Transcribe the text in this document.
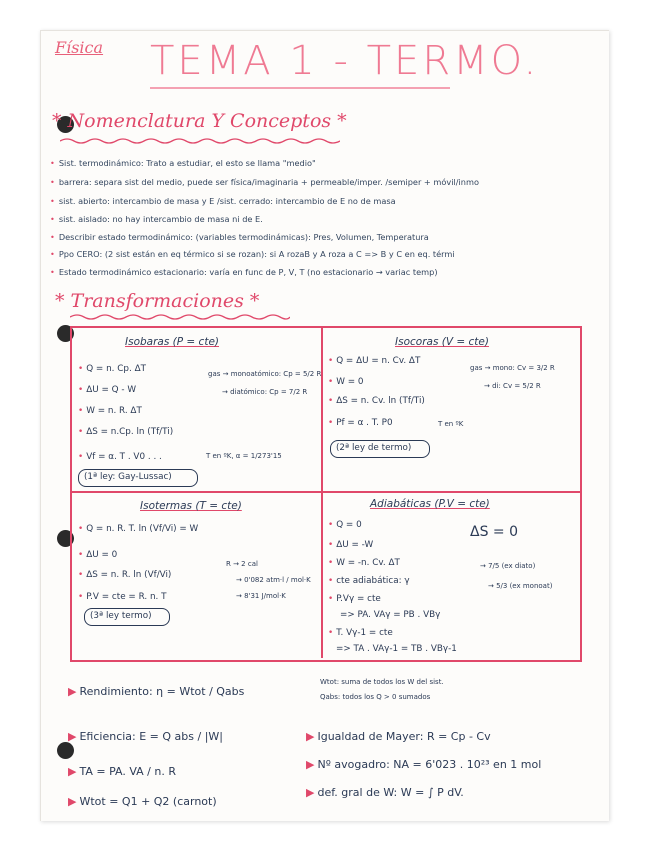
Física TEMA 1 - TERMO.
* Nomenclatura Y Conceptos *
• Sist. termodinámico: Trato a estudiar, el esto se llama "medio"
• barrera: separa sist del medio, puede ser física/imaginaria + permeable/imper. /semiper + móvil/inmo
• sist. abierto: intercambio de masa y E /sist. cerrado: intercambio de E no de masa
• sist. aislado: no hay intercambio de masa ni de E.
• Describir estado termodinámico: (variables termodinámicas): Pres, Volumen, Temperatura
• Ppo CERO: (2 sist están en eq térmico si se rozan): si A rozaB y A roza a C => B y C en eq. térmi
• Estado termodinámico estacionario: varía en func de P, V, T (no estacionario → variac temp)
* Transformaciones *
Isobaras (P = cte)
• Q = n. Cp. ΔT
• ΔU = Q - W
• W = n. R. ΔT
• ΔS = n.Cp. ln (Tf/Ti)
• Vf = α. T . V0 . . .
(1ª ley: Gay-Lussac)
gas → monoatómico: Cp = 5/2 R
→ diatómico: Cp = 7/2 R
T en ºK, α = 1/273'15
Isocoras (V = cte)
• Q = ΔU = n. Cv. ΔT
• W = 0
• ΔS = n. Cv. ln (Tf/Ti)
• Pf = α . T. P0
(2ª ley de termo)
gas → mono: Cv = 3/2 R
→ di: Cv = 5/2 R
T en ºK
Isotermas (T = cte)
• Q = n. R. T. ln (Vf/Vi) = W
• ΔU = 0
• ΔS = n. R. ln (Vf/Vi)
• P.V = cte = R. n. T
(3ª ley termo)
R → 2 cal
→ 0'082 atm·l / mol·K
→ 8'31 J/mol·K
Adiabáticas (P.V = cte)
• Q = 0
• ΔU = -W
• W = -n. Cv. ΔT
• cte adiabática: γ
• P.Vγ = cte
=> PA. VAγ = PB . VBγ
• T. Vγ-1 = cte
=> TA . VAγ-1 = TB . VBγ-1
ΔS = 0
→ 7/5 (ex diato)
→ 5/3 (ex monoat)
▶ Rendimiento: η = Wtot / Qabs
Wtot: suma de todos los W del sist.
Qabs: todos los Q > 0 sumados
▶ Eficiencia: E = Q abs / |W|	▶ Igualdad de Mayer: R = Cp - Cv
▶ TA = PA. VA / n. R
▶ Nº avogadro: NA = 6'023 . 10²³ en 1 mol
▶ Wtot = Q1 + Q2 (carnot)
▶ def. gral de W: W = ∫ P dV.
